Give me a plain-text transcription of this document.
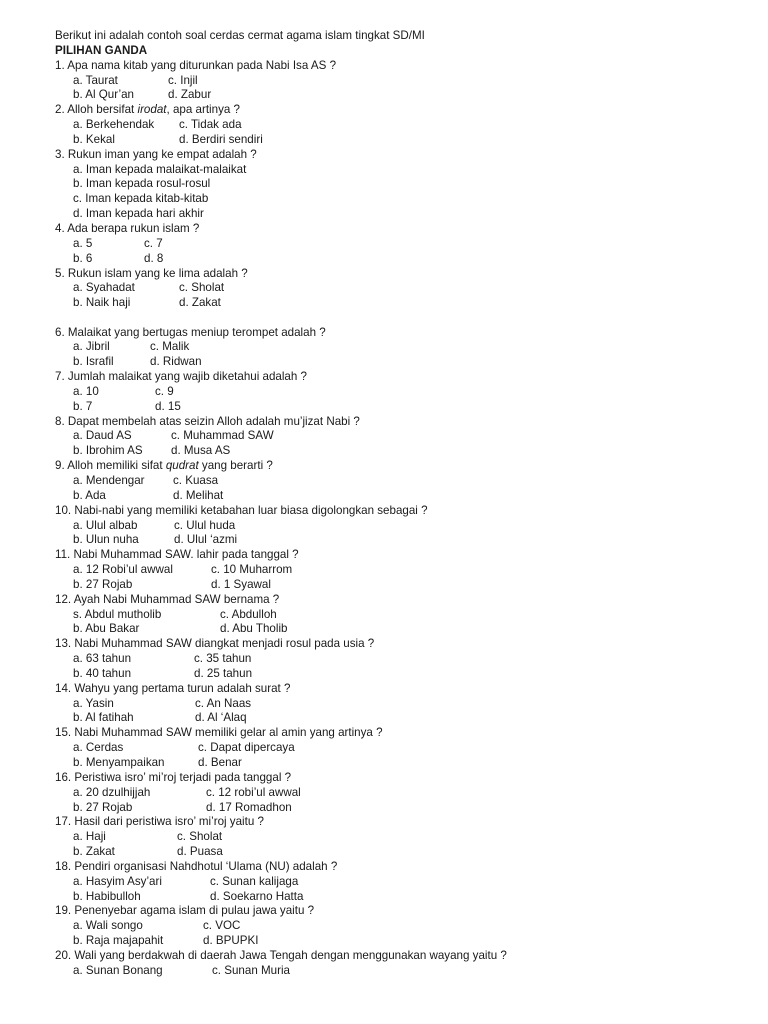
Berikut ini adalah contoh soal cerdas cermat agama islam tingkat SD/MI
PILIHAN GANDA
1. Apa nama kitab yang diturunkan pada Nabi Isa AS ?
a. Taurat	c. Injil
b. Al Qur’an	d. Zabur
2. Alloh bersifat irodat, apa artinya ?
a. Berkehendak c. Tidak ada
b. Kekal	d. Berdiri sendiri
3. Rukun iman yang ke empat adalah ?
a. Iman kepada malaikat-malaikat
b. Iman kepada rosul-rosul
c. Iman kepada kitab-kitab
d. Iman kepada hari akhir
4. Ada berapa rukun islam ?
a. 5	c. 7
b. 6	d. 8
5. Rukun islam yang ke lima adalah ?
a. Syahadat	c. Sholat
b. Naik haji	d. Zakat
6. Malaikat yang bertugas meniup terompet adalah ?
a. Jibril	c. Malik
b. Israfil	d. Ridwan
7. Jumlah malaikat yang wajib diketahui adalah ?
a. 10	c. 9
b. 7	d. 15
8. Dapat membelah atas seizin Alloh adalah mu’jizat Nabi ?
a. Daud AS	c. Muhammad SAW
b. Ibrohim AS d. Musa AS
9. Alloh memiliki sifat qudrat yang berarti ?
a. Mendengar c. Kuasa
b. Ada	d. Melihat
10. Nabi-nabi yang memiliki ketabahan luar biasa digolongkan sebagai ?
a. Ulul albab	c. Ulul huda
b. Ulun nuha	d. Ulul ‘azmi
11. Nabi Muhammad SAW. lahir pada tanggal ?
a. 12 Robi’ul awwal	c. 10 Muharrom
b. 27 Rojab	d. 1 Syawal
12. Ayah Nabi Muhammad SAW bernama ?
s. Abdul mutholib	c. Abdulloh
b. Abu Bakar	d. Abu Tholib
13. Nabi Muhammad SAW diangkat menjadi rosul pada usia ?
a. 63 tahun	c. 35 tahun
b. 40 tahun	d. 25 tahun
14. Wahyu yang pertama turun adalah surat ?
a. Yasin	c. An Naas
b. Al fatihah	d. Al ‘Alaq
15. Nabi Muhammad SAW memiliki gelar al amin yang artinya ?
a. Cerdas	c. Dapat dipercaya
b. Menyampaikan	d. Benar
16. Peristiwa isro’ mi’roj terjadi pada tanggal ?
a. 20 dzulhijjah	c. 12 robi’ul awwal
b. 27 Rojab	d. 17 Romadhon
17. Hasil dari peristiwa isro’ mi’roj yaitu ?
a. Haji	c. Sholat
b. Zakat	d. Puasa
18. Pendiri organisasi Nahdhotul ‘Ulama (NU) adalah ?
a. Hasyim Asy’ari	c. Sunan kalijaga
b. Habibulloh	d. Soekarno Hatta
19. Penenyebar agama islam di pulau jawa yaitu ?
a. Wali songo	c. VOC
b. Raja majapahit	d. BPUPKI
20. Wali yang berdakwah di daerah Jawa Tengah dengan menggunakan wayang yaitu ?
a. Sunan Bonang	c. Sunan Muria
